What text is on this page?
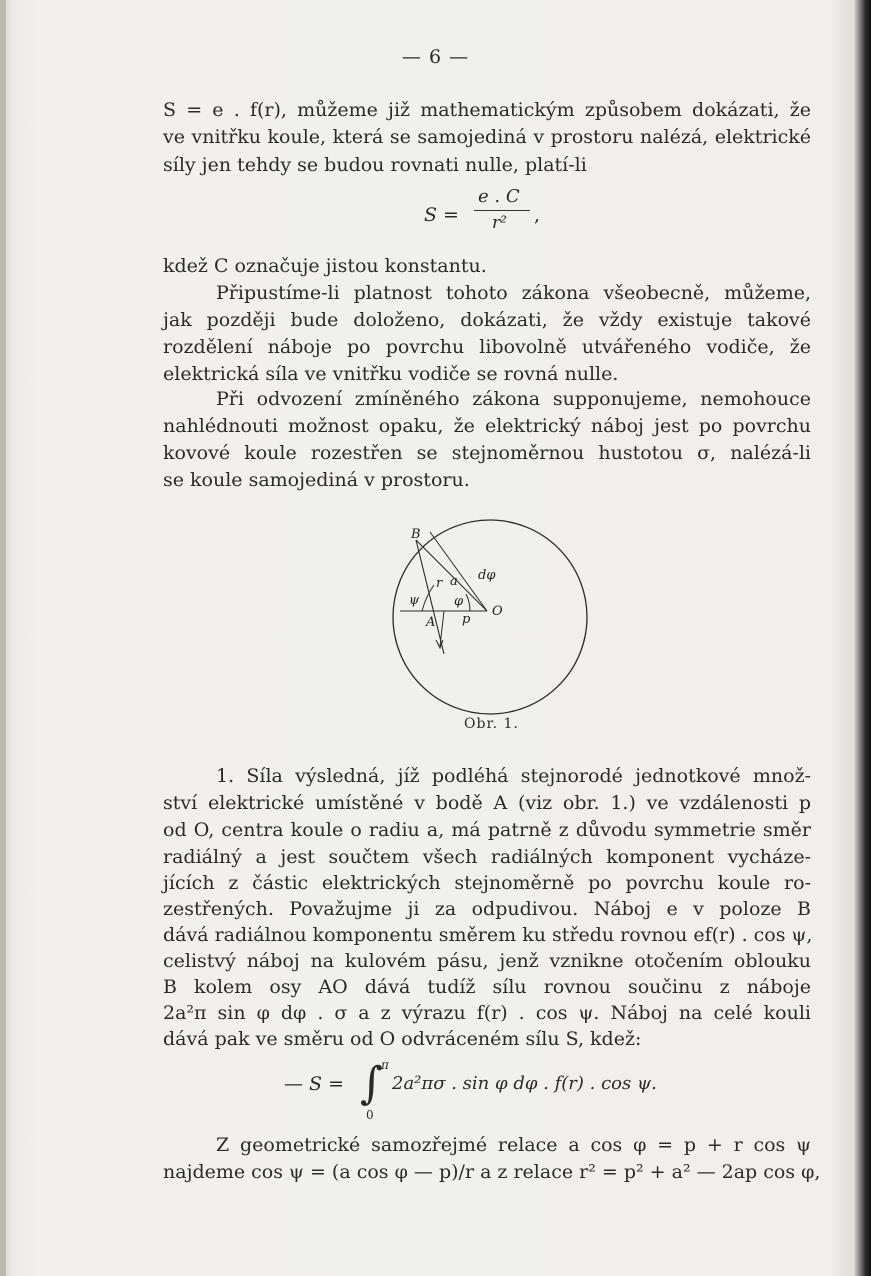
— 6 —
S = e . f(r), můžeme již mathematickým způsobem dokázati, že
ve vnitřku koule, která se samojediná v prostoru nalézá, elektrické
síly jen tehdy se budou rovnati nulle, platí-li
S =
e . C
r² ,
kdež C označuje jistou konstantu.
Připustíme-li platnost tohoto zákona všeobecně, můžeme,
jak později bude doloženo, dokázati, že vždy existuje takové
rozdělení náboje po povrchu libovolně utvářeného vodiče, že
elektrická síla ve vnitřku vodiče se rovná nulle.
Při odvození zmíněného zákona supponujeme, nemohouce
nahlédnouti možnost opaku, že elektrický náboj jest po povrchu
kovové koule rozestřen se stejnoměrnou hustotou σ, nalézá-li
se koule samojediná v prostoru.
B
r a dφ
ψ	φ
O
A p
Obr. 1.
1. Síla výsledná, jíž podléhá stejnorodé jednotkové množ-
ství elektrické umístěné v bodě A (viz obr. 1.) ve vzdálenosti p
od O, centra koule o radiu a, má patrně z důvodu symmetrie směr
radiálný a jest součtem všech radiálných komponent vycháze-
jících z částic elektrických stejnoměrně po povrchu koule ro-
zestřených. Považujme ji za odpudivou. Náboj e v poloze B
dává radiálnou komponentu směrem ku středu rovnou ef(r) . cos ψ,
celistvý náboj na kulovém pásu, jenž vznikne otočením oblouku
B kolem osy AO dává tudíž sílu rovnou součinu z náboje
2a²π sin φ dφ . σ a z výrazu f(r) . cos ψ. Náboj na celé kouli
dává pak ve směru od O odvráceném sílu S, kdež:
— S = ∫
π
0
2a²πσ . sin φ dφ . f(r) . cos ψ.
Z geometrické samozřejmé relace a cos φ = p + r cos ψ
najdeme cos ψ = (a cos φ — p)/r a z relace r² = p² + a² — 2ap cos φ,
